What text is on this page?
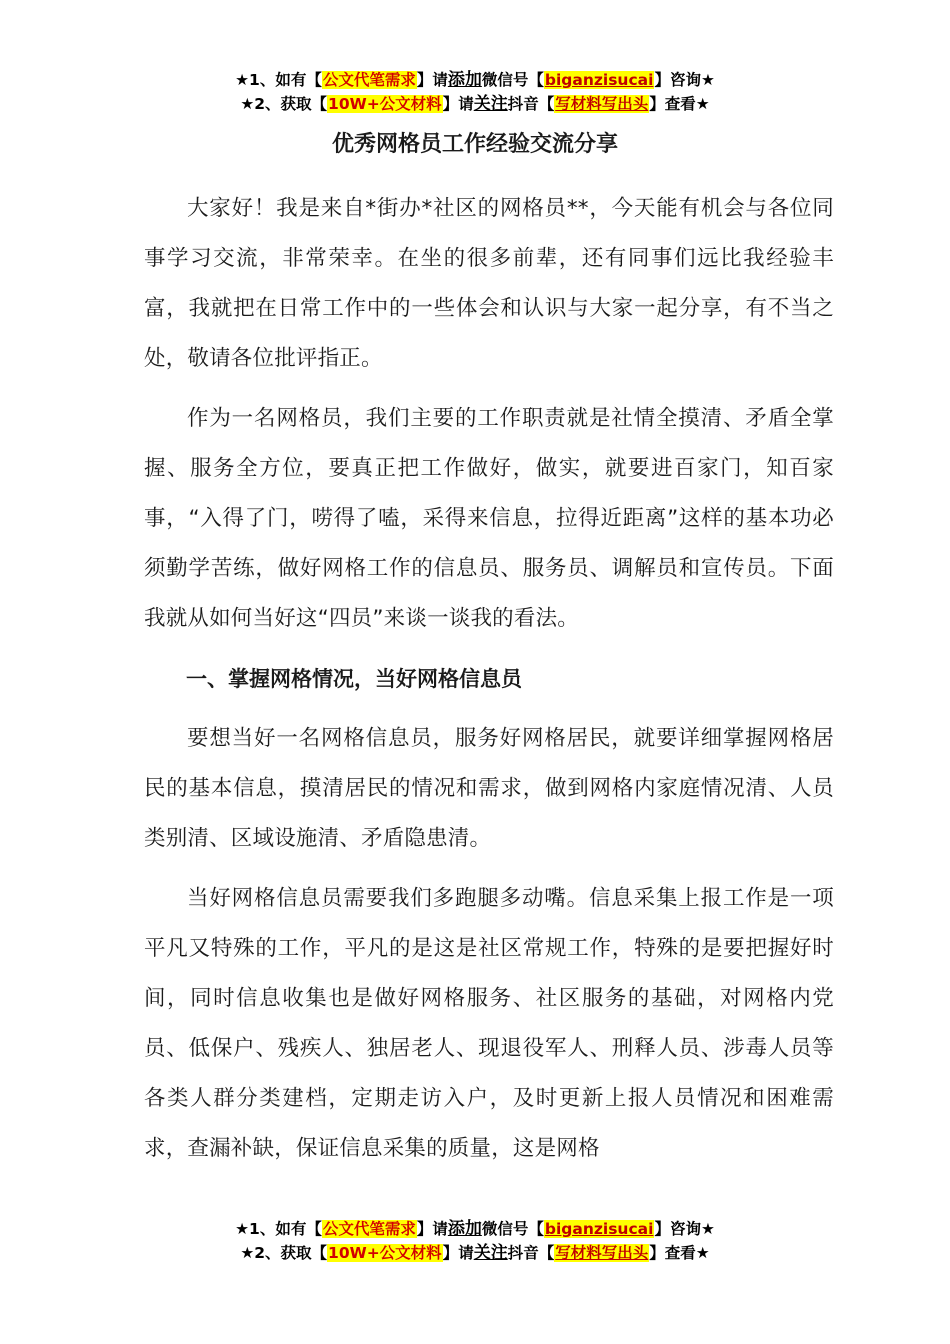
★1、如有【公文代笔需求】请添加微信号【biganzisucai】咨询★
★2、获取【10W+公文材料】请关注抖音【写材料写出头】查看★
优秀网格员工作经验交流分享

大家好！我是来自*街办*社区的网格员**，今天能有机会与各位同事学习交流，非常荣幸。在坐的很多前辈，还有同事们远比我经验丰富，我就把在日常工作中的一些体会和认识与大家一起分享，有不当之处，敬请各位批评指正。

作为一名网格员，我们主要的工作职责就是社情全摸清、矛盾全掌握、服务全方位，要真正把工作做好，做实，就要进百家门，知百家事，“入得了门，唠得了嗑，采得来信息，拉得近距离”这样的基本功必须勤学苦练，做好网格工作的信息员、服务员、调解员和宣传员。下面我就从如何当好这“四员”来谈一谈我的看法。

一、掌握网格情况，当好网格信息员

要想当好一名网格信息员，服务好网格居民，就要详细掌握网格居民的基本信息，摸清居民的情况和需求，做到网格内家庭情况清、人员类别清、区域设施清、矛盾隐患清。

当好网格信息员需要我们多跑腿多动嘴。信息采集上报工作是一项平凡又特殊的工作，平凡的是这是社区常规工作，特殊的是要把握好时间，同时信息收集也是做好网格服务、社区服务的基础，对网格内党员、低保户、残疾人、独居老人、现退役军人、刑释人员、涉毒人员等各类人群分类建档，定期走访入户，及时更新上报人员情况和困难需求，查漏补缺，保证信息采集的质量，这是网格

★1、如有【公文代笔需求】请添加微信号【biganzisucai】咨询★
★2、获取【10W+公文材料】请关注抖音【写材料写出头】查看★
